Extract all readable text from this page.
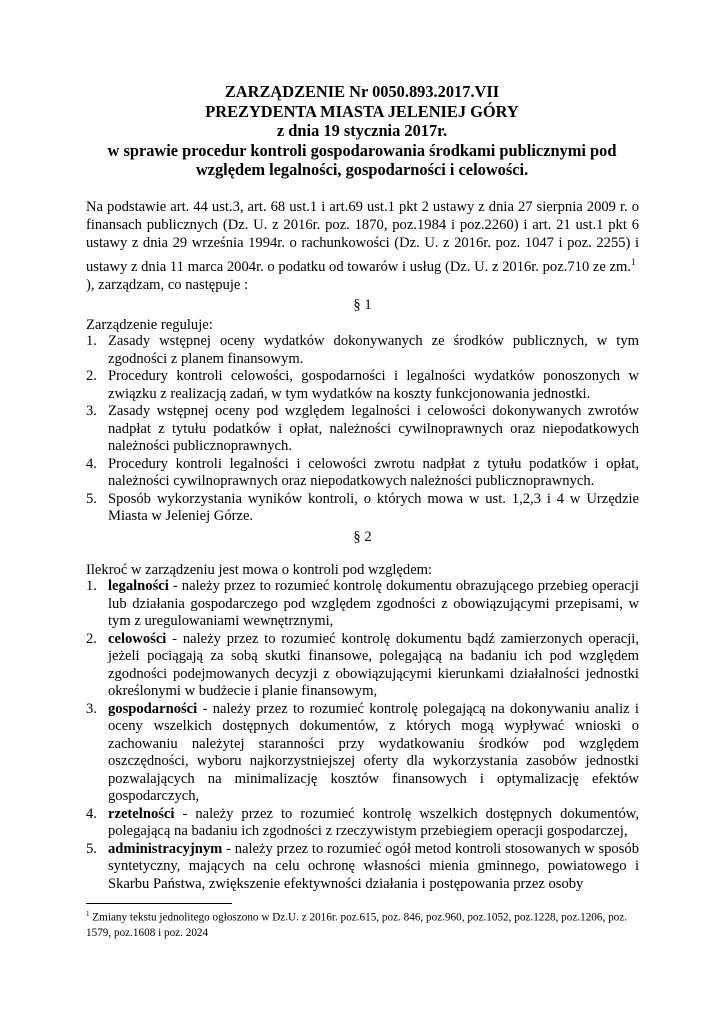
ZARZĄDZENIE Nr 0050.893.2017.VII
PREZYDENTA MIASTA JELENIEJ GÓRY
z dnia 19 stycznia 2017r.
w sprawie procedur kontroli gospodarowania środkami publicznymi pod
względem legalności, gospodarności i celowości.
Na podstawie art. 44 ust.3, art. 68 ust.1 i art.69 ust.1 pkt 2 ustawy z dnia 27 sierpnia 2009 r. o finansach publicznych (Dz. U. z 2016r. poz. 1870, poz.1984 i poz.2260) i art. 21 ust.1 pkt 6 ustawy z dnia 29 września 1994r. o rachunkowości (Dz. U. z 2016r. poz. 1047 i poz. 2255) i ustawy z dnia 11 marca 2004r. o podatku od towarów i usług (Dz. U. z 2016r. poz.710 ze zm.$^1$
), zarządzam, co następuje :
§ 1
Zarządzenie reguluje:
1. Zasady wstępnej oceny wydatków dokonywanych ze środków publicznych, w tym zgodności z planem finansowym.
2. Procedury kontroli celowości, gospodarności i legalności wydatków ponoszonych w związku z realizacją zadań, w tym wydatków na koszty funkcjonowania jednostki.
3. Zasady wstępnej oceny pod względem legalności i celowości dokonywanych zwrotów nadpłat z tytułu podatków i opłat, należności cywilnoprawnych oraz niepodatkowych należności publicznoprawnych.
4. Procedury kontroli legalności i celowości zwrotu nadpłat z tytułu podatków i opłat, należności cywilnoprawnych oraz niepodatkowych należności publicznoprawnych.
5. Sposób wykorzystania wyników kontroli, o których mowa w ust. 1,2,3 i 4 w Urzędzie Miasta w Jeleniej Górze.
§ 2
Ilekroć w zarządzeniu jest mowa o kontroli pod względem:
1. legalności - należy przez to rozumieć kontrolę dokumentu obrazującego przebieg operacji lub działania gospodarczego pod względem zgodności z obowiązującymi przepisami, w tym z uregulowaniami wewnętrznymi,
2. celowości - należy przez to rozumieć kontrolę dokumentu bądź zamierzonych operacji, jeżeli pociągają za sobą skutki finansowe, polegającą na badaniu ich pod względem zgodności podejmowanych decyzji z obowiązującymi kierunkami działalności jednostki określonymi w budżecie i planie finansowym,
3. gospodarności - należy przez to rozumieć kontrolę polegającą na dokonywaniu analiz i oceny wszelkich dostępnych dokumentów, z których mogą wypływać wnioski o zachowaniu należytej staranności przy wydatkowaniu środków pod względem oszczędności, wyboru najkorzystniejszej oferty dla wykorzystania zasobów jednostki pozwalających na minimalizację kosztów finansowych i optymalizację efektów gospodarczych,
4. rzetelności - należy przez to rozumieć kontrolę wszelkich dostępnych dokumentów, polegającą na badaniu ich zgodności z rzeczywistym przebiegiem operacji gospodarczej,
5. administracyjnym - należy przez to rozumieć ogół metod kontroli stosowanych w sposób syntetyczny, mających na celu ochronę własności mienia gminnego, powiatowego i Skarbu Państwa, zwiększenie efektywności działania i postępowania przez osoby
$^1$ Zmiany tekstu jednolitego ogłoszono w Dz.U. z 2016r. poz.615, poz. 846, poz.960, poz.1052, poz.1228, poz.1206, poz. 1579, poz.1608 i poz. 2024
